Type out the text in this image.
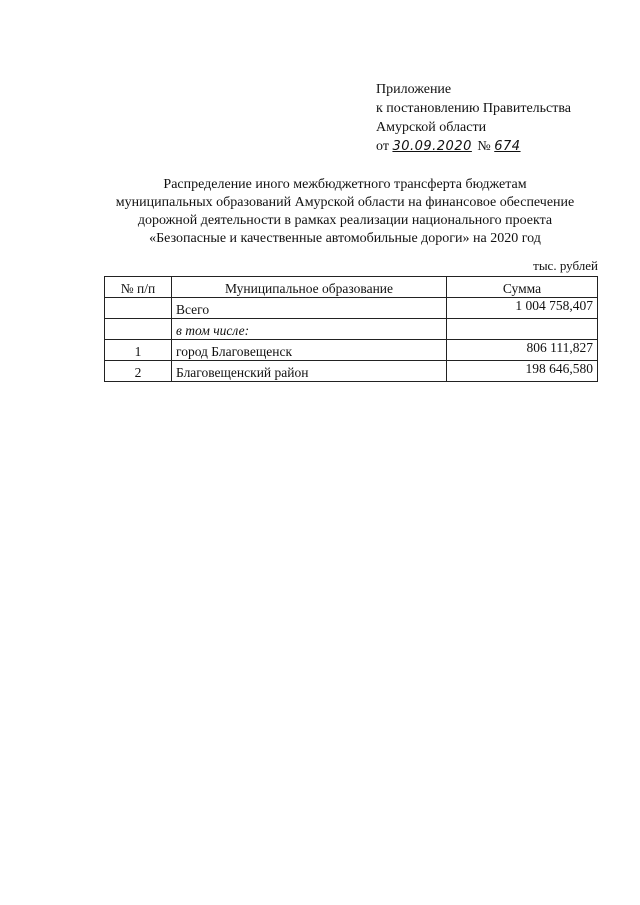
Приложение
к постановлению Правительства
Амурской области
от 30.09.2020 № 674
Распределение иного межбюджетного трансферта бюджетам
муниципальных образований Амурской области на финансовое обеспечение
дорожной деятельности в рамках реализации национального проекта
«Безопасные и качественные автомобильные дороги» на 2020 год
тыс. рублей
№ п/п	Муниципальное образование	Сумма
	Всего	1 004 758,407
	в том числе:	
1	город Благовещенск	806 111,827
2	Благовещенский район	198 646,580
